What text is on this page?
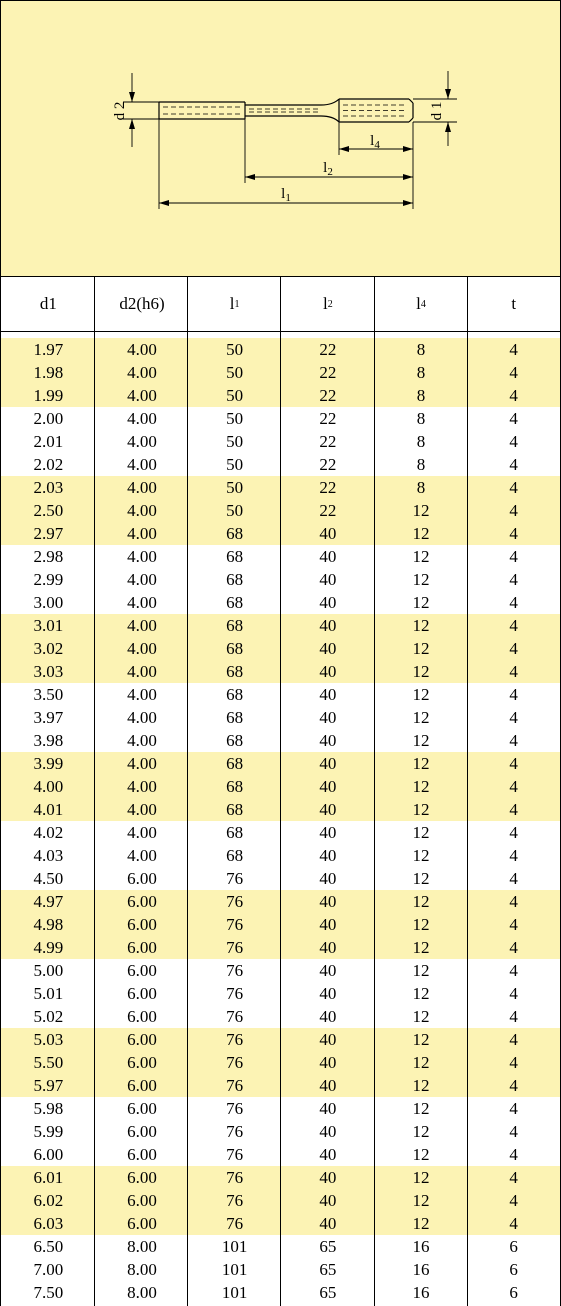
d 2	d 1
$l_4$
$l_2$
$l_1$
d1	d2(h6)	l 1	l 2	l 4	t
1.97	4.00	50	22	8	4
1.98	4.00	50	22	8	4
1.99	4.00	50	22	8	4
2.00	4.00	50	22	8	4
2.01	4.00	50	22	8	4
2.02	4.00	50	22	8	4
2.03	4.00	50	22	8	4
2.50	4.00	50	22	12	4
2.97	4.00	68	40	12	4
2.98	4.00	68	40	12	4
2.99	4.00	68	40	12	4
3.00	4.00	68	40	12	4
3.01	4.00	68	40	12	4
3.02	4.00	68	40	12	4
3.03	4.00	68	40	12	4
3.50	4.00	68	40	12	4
3.97	4.00	68	40	12	4
3.98	4.00	68	40	12	4
3.99	4.00	68	40	12	4
4.00	4.00	68	40	12	4
4.01	4.00	68	40	12	4
4.02	4.00	68	40	12	4
4.03	4.00	68	40	12	4
4.50	6.00	76	40	12	4
4.97	6.00	76	40	12	4
4.98	6.00	76	40	12	4
4.99	6.00	76	40	12	4
5.00	6.00	76	40	12	4
5.01	6.00	76	40	12	4
5.02	6.00	76	40	12	4
5.03	6.00	76	40	12	4
5.50	6.00	76	40	12	4
5.97	6.00	76	40	12	4
5.98	6.00	76	40	12	4
5.99	6.00	76	40	12	4
6.00	6.00	76	40	12	4
6.01	6.00	76	40	12	4
6.02	6.00	76	40	12	4
6.03	6.00	76	40	12	4
6.50	8.00	101	65	16	6
7.00	8.00	101	65	16	6
7.50	8.00	101	65	16	6
